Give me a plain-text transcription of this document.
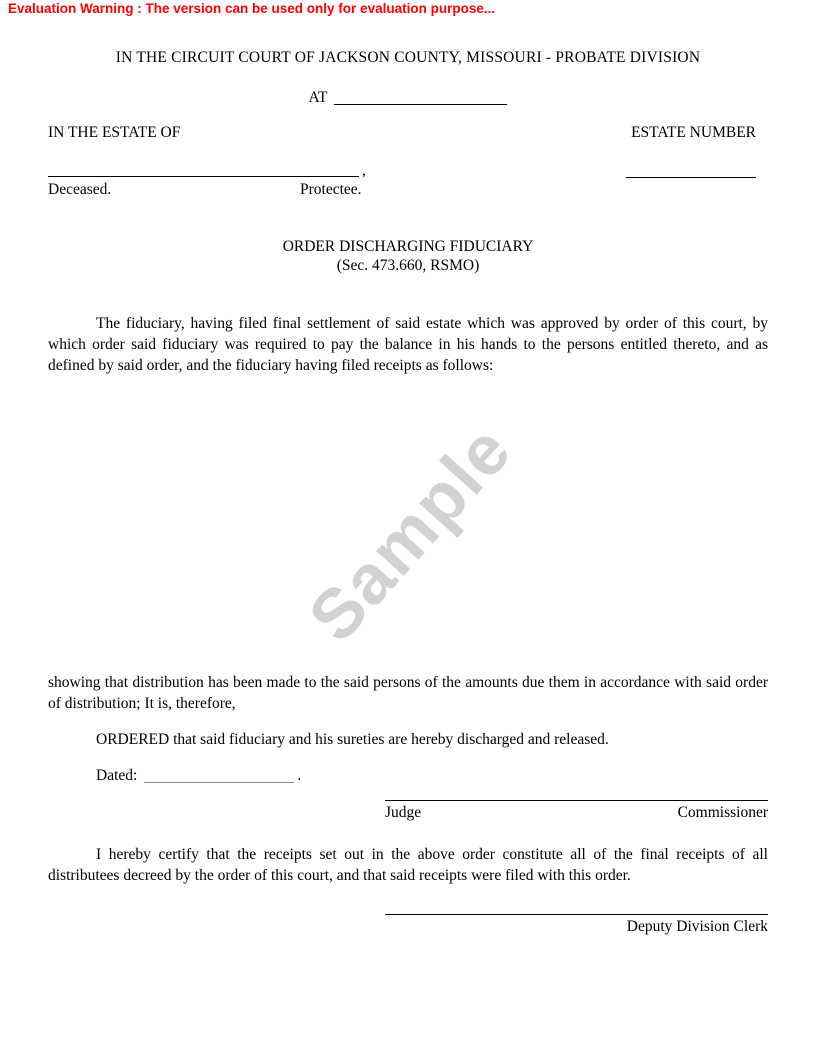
Evaluation Warning : The version can be used only for evaluation purpose...
Sample
IN THE CIRCUIT COURT OF JACKSON COUNTY, MISSOURI - PROBATE DIVISION
AT
IN THE ESTATE OF	ESTATE NUMBER
,
Deceased.	Protectee.
ORDER DISCHARGING FIDUCIARY
(Sec. 473.660, RSMO)

The fiduciary, having filed final settlement of said estate which was approved by order of this court, by which order said fiduciary was required to pay the balance in his hands to the persons entitled thereto, and as defined by said order, and the fiduciary having filed receipts as follows:

showing that distribution has been made to the said persons of the amounts due them in accordance with said order of distribution; It is, therefore,

ORDERED that said fiduciary and his sureties are hereby discharged and released.

Dated:	.
Judge	Commissioner

I hereby certify that the receipts set out in the above order constitute all of the final receipts of all distributees decreed by the order of this court, and that said receipts were filed with this order.

Deputy Division Clerk
